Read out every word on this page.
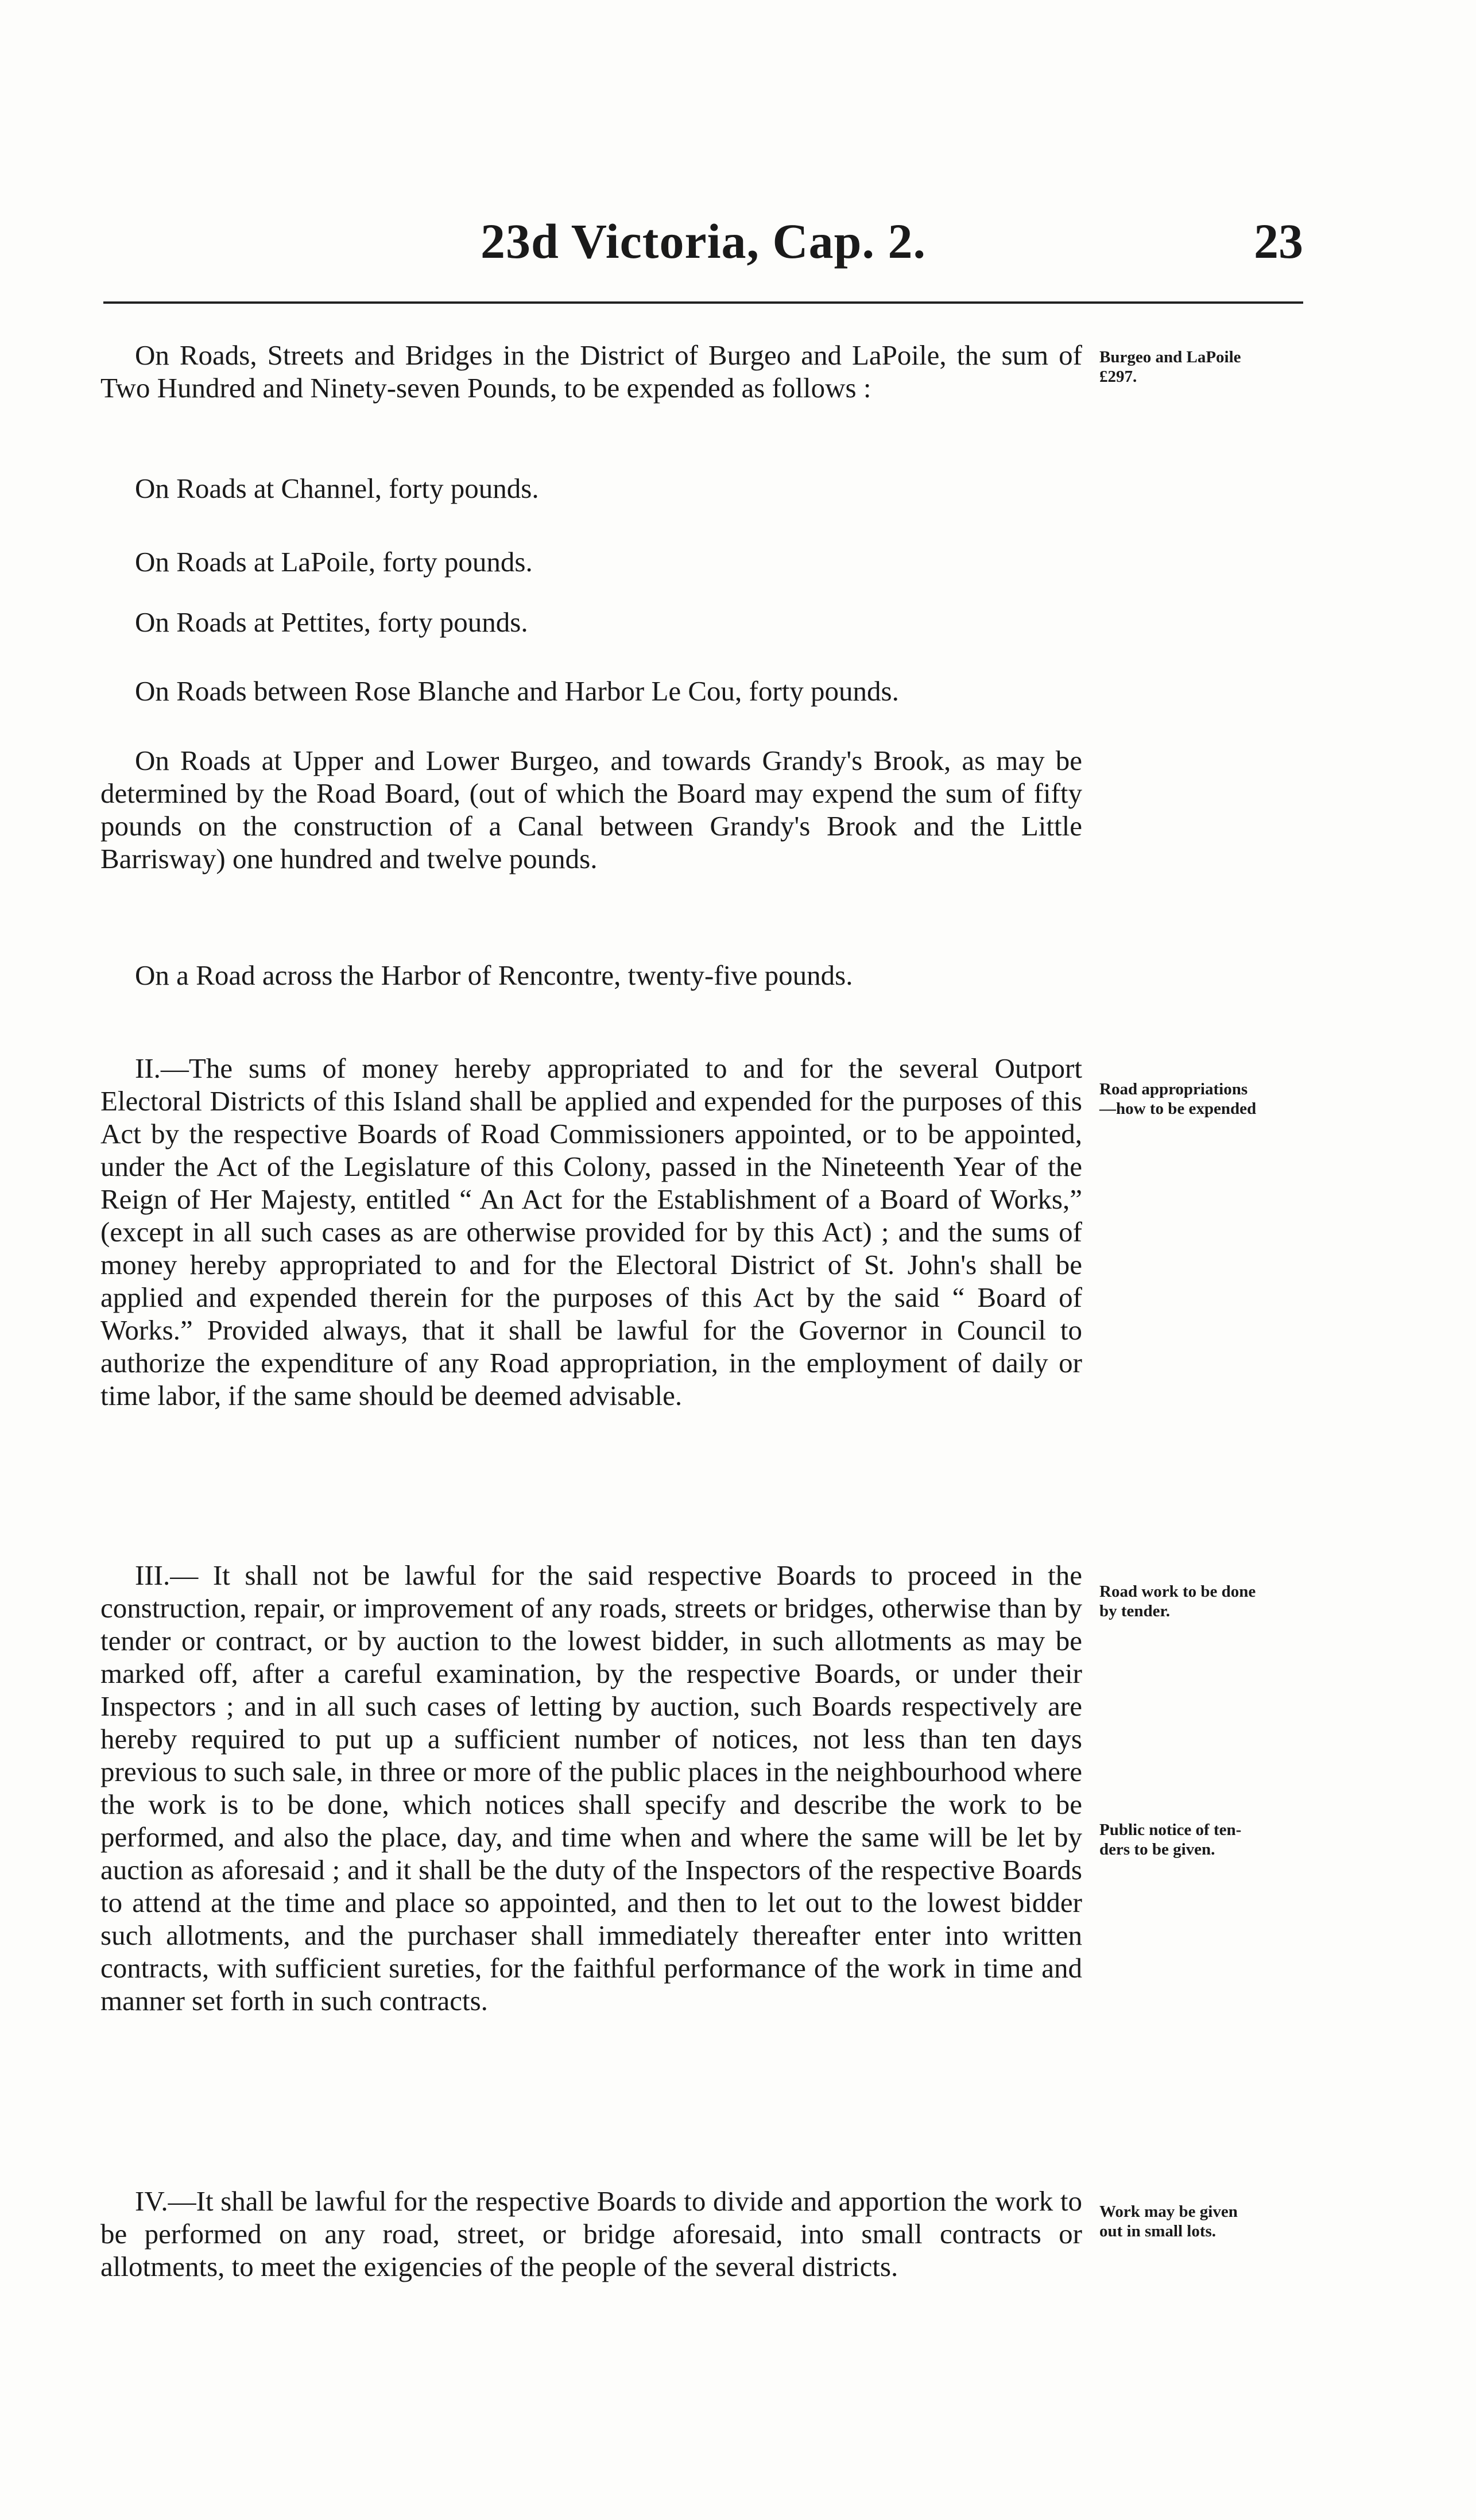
23d Victoria, Cap. 2.	23
On Roads, Streets and Bridges in the District of Burgeo and LaPoile, the sum of Two Hundred and Ninety-seven Pounds, to be expended as follows :
Burgeo and LaPoile
£297.
On Roads at Channel, forty pounds.
On Roads at LaPoile, forty pounds.
On Roads at Pettites, forty pounds.
On Roads between Rose Blanche and Harbor Le Cou, forty pounds.
On Roads at Upper and Lower Burgeo, and towards Grandy's Brook, as may be determined by the Road Board, (out of which the Board may expend the sum of fifty pounds on the construction of a Canal between Grandy's Brook and the Little Barrisway) one hundred and twelve pounds.
On a Road across the Harbor of Rencontre, twenty-five pounds.
II.—The sums of money hereby appropriated to and for the several Outport Electoral Districts of this Island shall be applied and expended for the purposes of this Act by the respective Boards of Road Commissioners appointed, or to be appointed, under the Act of the Legislature of this Colony, passed in the Nineteenth Year of the Reign of Her Majesty, entitled “ An Act for the Establishment of a Board of Works,” (except in all such cases as are otherwise provided for by this Act) ; and the sums of money hereby appropriated to and for the Electoral District of St. John's shall be applied and expended therein for the purposes of this Act by the said “ Board of Works.” Provided always, that it shall be lawful for the Governor in Council to authorize the expenditure of any Road appropriation, in the employment of daily or time labor, if the same should be deemed advisable.
Road appropriations
—how to be expended
III.— It shall not be lawful for the said respective Boards to proceed in the construction, repair, or improvement of any roads, streets or bridges, otherwise than by tender or contract, or by auction to the lowest bidder, in such allotments as may be marked off, after a careful examination, by the respective Boards, or under their Inspectors ; and in all such cases of letting by auction, such Boards respectively are hereby required to put up a sufficient number of notices, not less than ten days previous to such sale, in three or more of the public places in the neighbourhood where the work is to be done, which notices shall specify and describe the work to be performed, and also the place, day, and time when and where the same will be let by auction as aforesaid ; and it shall be the duty of the Inspectors of the respective Boards to attend at the time and place so appointed, and then to let out to the lowest bidder such allotments, and the purchaser shall immediately thereafter enter into written contracts, with sufficient sureties, for the faithful performance of the work in time and manner set forth in such contracts.
Road work to be done
by tender.
Public notice of ten-
ders to be given.
IV.—It shall be lawful for the respective Boards to divide and apportion the work to be performed on any road, street, or bridge aforesaid, into small contracts or allotments, to meet the exigencies of the people of the several districts.
Work may be given
out in small lots.
